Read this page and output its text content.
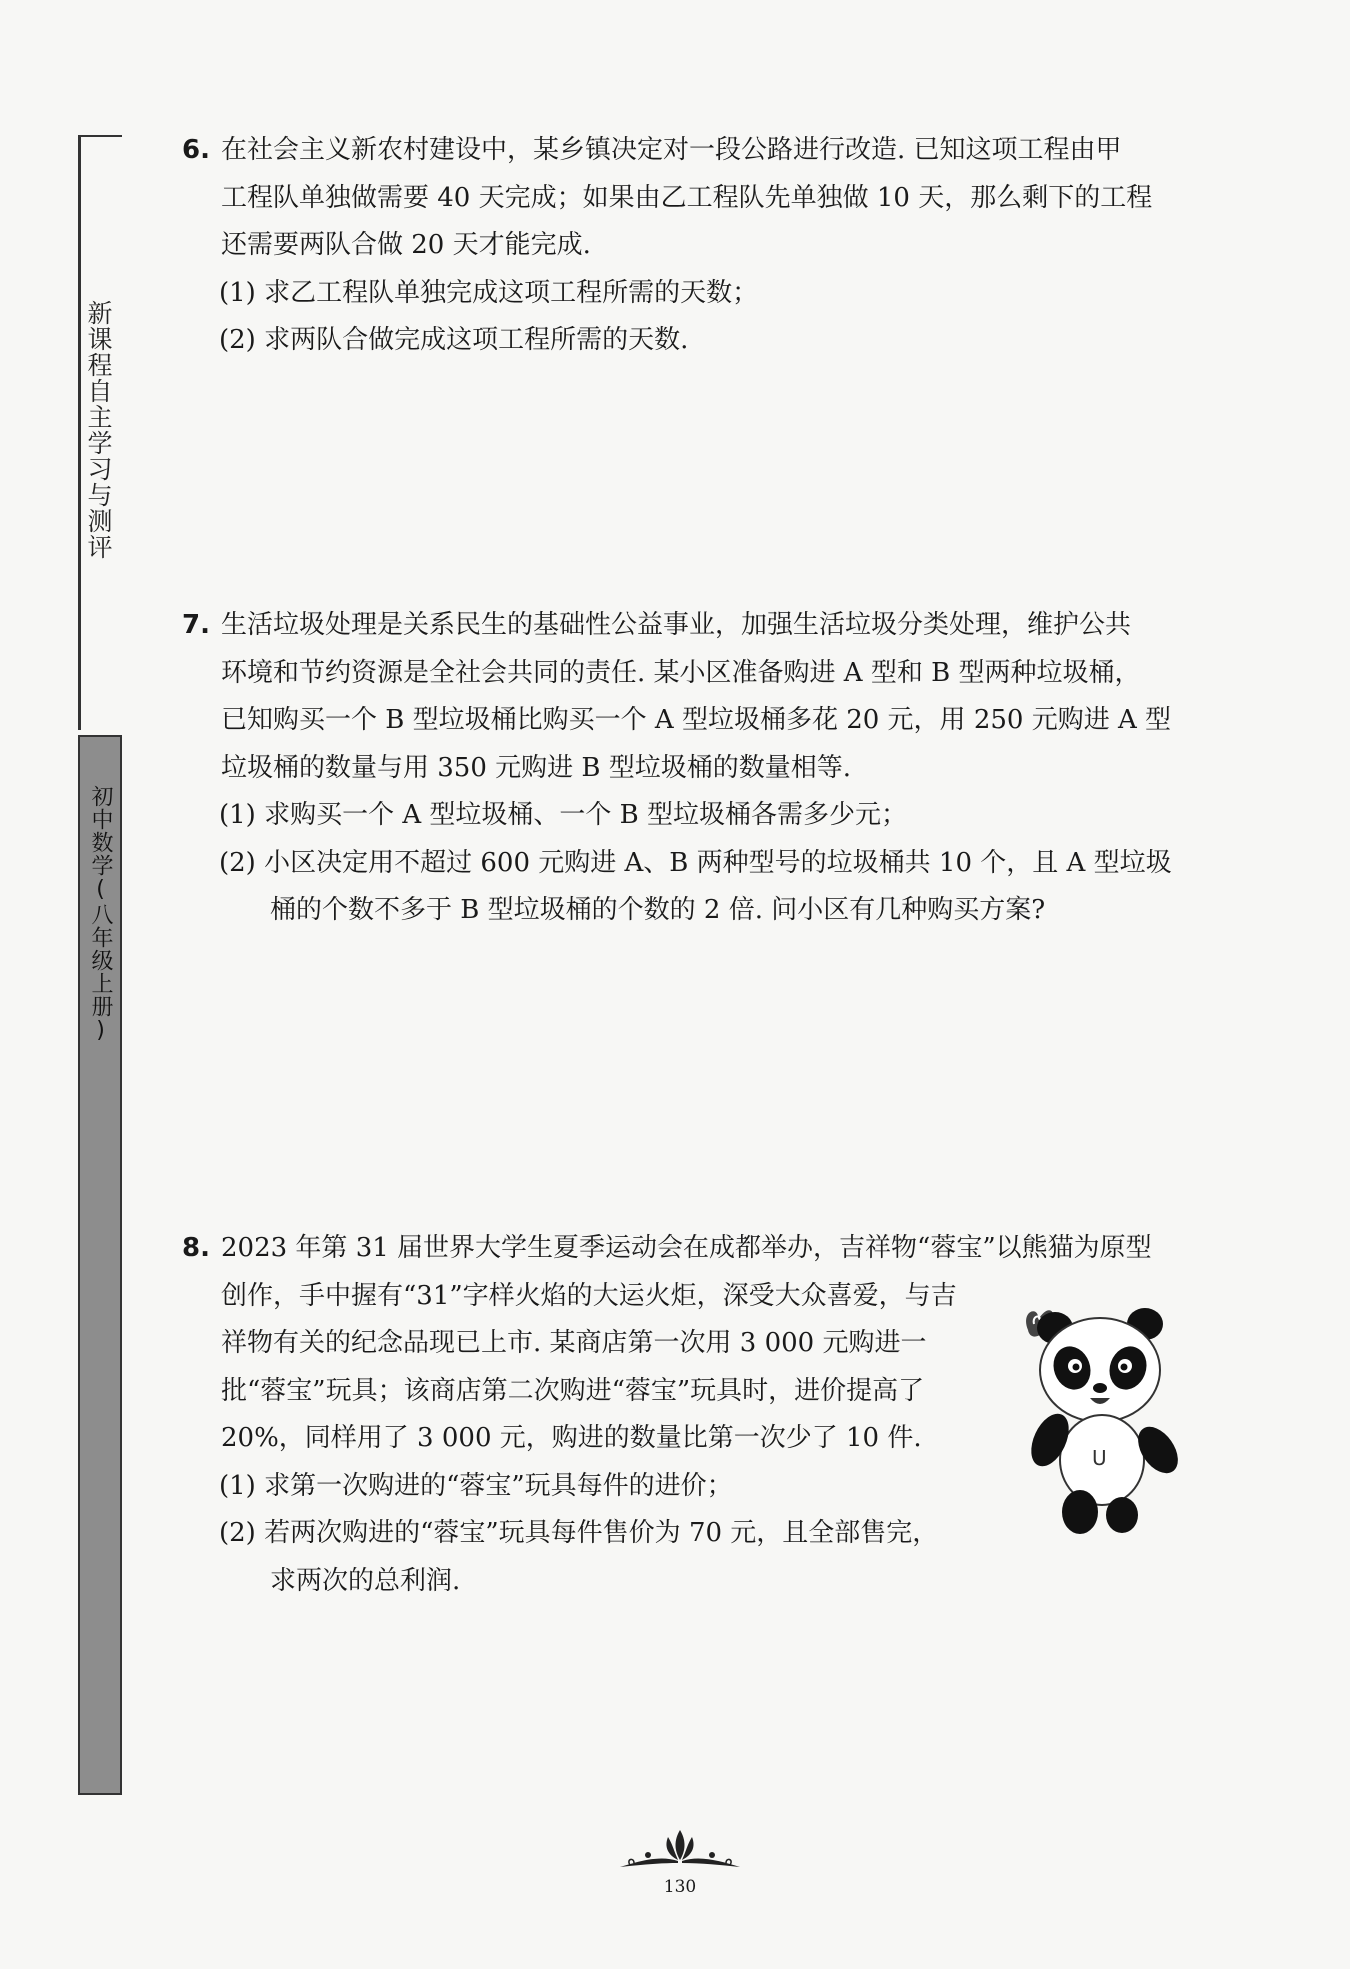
新课程自主学习与测评
初中数学(八年级上册)
6. 在社会主义新农村建设中，某乡镇决定对一段公路进行改造. 已知这项工程由甲
工程队单独做需要 40 天完成；如果由乙工程队先单独做 10 天，那么剩下的工程
还需要两队合做 20 天才能完成.
(1) 求乙工程队单独完成这项工程所需的天数；
(2) 求两队合做完成这项工程所需的天数.
7. 生活垃圾处理是关系民生的基础性公益事业，加强生活垃圾分类处理，维护公共
环境和节约资源是全社会共同的责任. 某小区准备购进 A 型和 B 型两种垃圾桶，
已知购买一个 B 型垃圾桶比购买一个 A 型垃圾桶多花 20 元，用 250 元购进 A 型
垃圾桶的数量与用 350 元购进 B 型垃圾桶的数量相等.
(1) 求购买一个 A 型垃圾桶、一个 B 型垃圾桶各需多少元；
(2) 小区决定用不超过 600 元购进 A、B 两种型号的垃圾桶共 10 个，且 A 型垃圾
桶的个数不多于 B 型垃圾桶的个数的 2 倍. 问小区有几种购买方案?
8. 2023 年第 31 届世界大学生夏季运动会在成都举办，吉祥物“蓉宝”以熊猫为原型
创作，手中握有“31”字样火焰的大运火炬，深受大众喜爱，与吉
祥物有关的纪念品现已上市. 某商店第一次用 3 000 元购进一
批“蓉宝”玩具；该商店第二次购进“蓉宝”玩具时，进价提高了
20%，同样用了 3 000 元，购进的数量比第一次少了 10 件.
(1) 求第一次购进的“蓉宝”玩具每件的进价；
(2) 若两次购进的“蓉宝”玩具每件售价为 70 元，且全部售完，
求两次的总利润.
U
130
